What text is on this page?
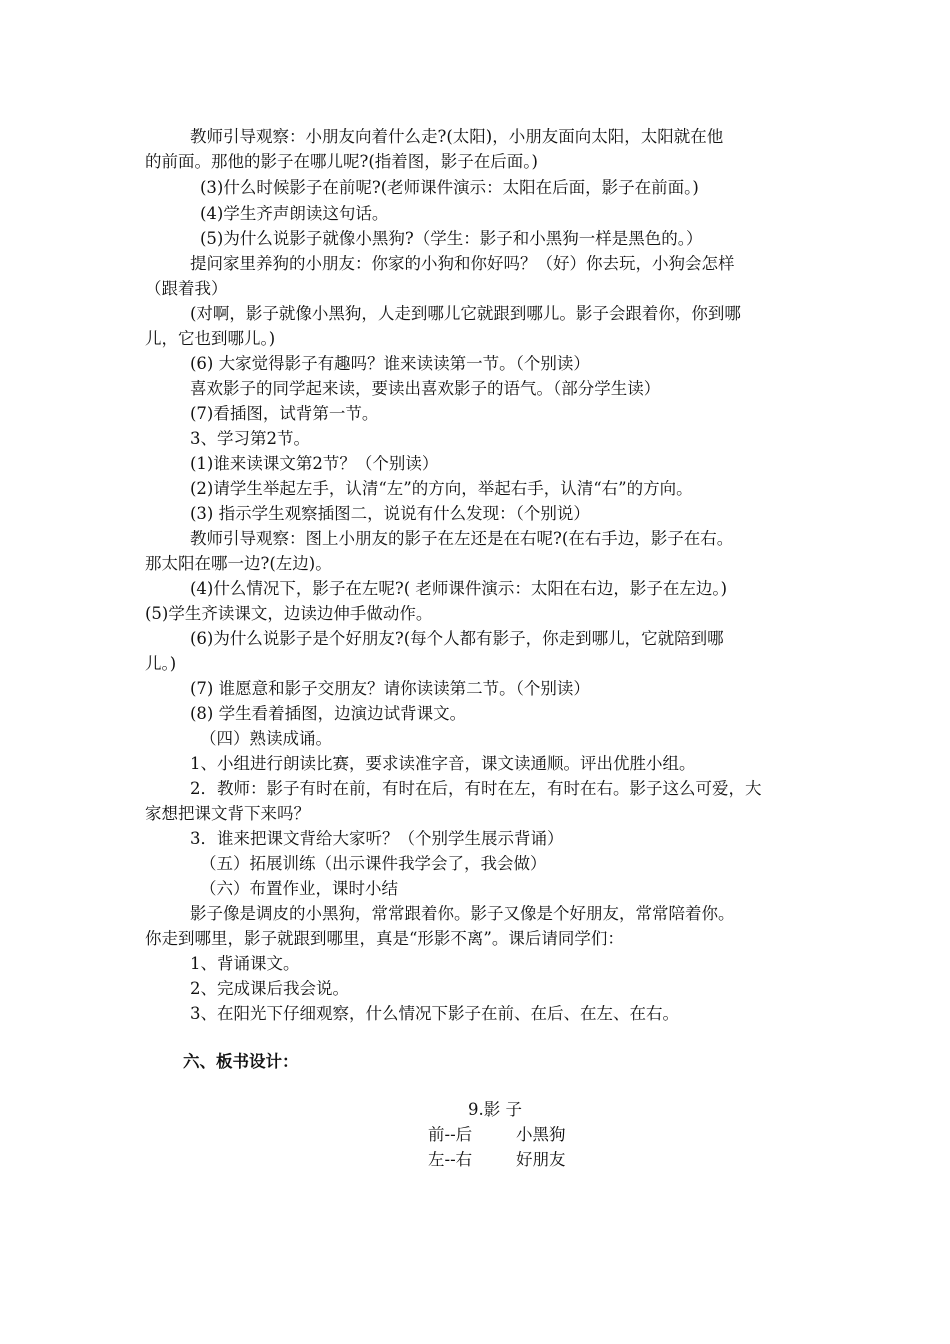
教师引导观察：小朋友向着什么走?(太阳)，小朋友面向太阳，太阳就在他
的前面。那他的影子在哪儿呢?(指着图，影子在后面。)
(3)什么时候影子在前呢?(老师课件演示：太阳在后面，影子在前面。)
(4)学生齐声朗读这句话。
(5)为什么说影子就像小黑狗?（学生：影子和小黑狗一样是黑色的。）
提问家里养狗的小朋友：你家的小狗和你好吗？（好）你去玩，小狗会怎样
（跟着我）
(对啊，影子就像小黑狗，人走到哪儿它就跟到哪儿。影子会跟着你，你到哪
儿，它也到哪儿。)
(6) 大家觉得影子有趣吗？谁来读读第一节。（个别读）
喜欢影子的同学起来读，要读出喜欢影子的语气。（部分学生读）
(7)看插图，试背第一节。
3、学习第2节。
(1)谁来读课文第2节？（个别读）
(2)请学生举起左手，认清“左”的方向，举起右手，认清“右”的方向。
(3) 指示学生观察插图二，说说有什么发现：（个别说）
教师引导观察：图上小朋友的影子在左还是在右呢?(在右手边，影子在右。
那太阳在哪一边?(左边)。
(4)什么情况下，影子在左呢?( 老师课件演示：太阳在右边，影子在左边。)
(5)学生齐读课文，边读边伸手做动作。
(6)为什么说影子是个好朋友?(每个人都有影子，你走到哪儿，它就陪到哪
儿。)
(7) 谁愿意和影子交朋友？请你读读第二节。（个别读）
(8) 学生看着插图，边演边试背课文。
（四）熟读成诵。
1、小组进行朗读比赛，要求读准字音，课文读通顺。评出优胜小组。
2．教师：影子有时在前，有时在后，有时在左，有时在右。影子这么可爱，大
家想把课文背下来吗？
3．谁来把课文背给大家听？（个别学生展示背诵）
（五）拓展训练（出示课件我学会了，我会做）
（六）布置作业，课时小结
影子像是调皮的小黑狗，常常跟着你。影子又像是个好朋友，常常陪着你。
你走到哪里，影子就跟到哪里，真是“形影不离”。课后请同学们：
1、背诵课文。
2、完成课后我会说。
3、在阳光下仔细观察，什么情况下影子在前、在后、在左、在右。
六、板书设计：
9.影 子
前--后	小黑狗
左--右	好朋友
